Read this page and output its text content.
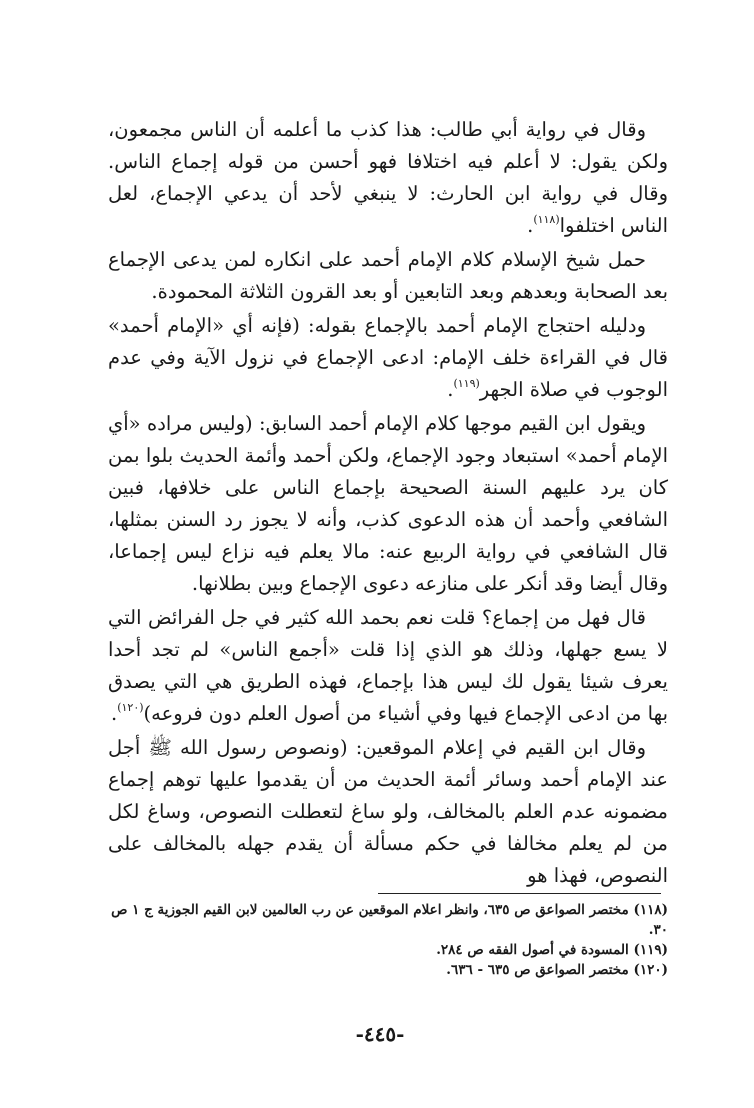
وقال في رواية أبي طالب: هذا كذب ما أعلمه أن الناس مجمعون، ولكن يقول: لا أعلم فيه اختلافا فهو أحسن من قوله إجماع الناس. وقال في رواية ابن الحارث: لا ينبغي لأحد أن يدعي الإجماع، لعل الناس اختلفوا$^{(١١٨)}$.

حمل شيخ الإسلام كلام الإمام أحمد على انكاره لمن يدعى الإجماع بعد الصحابة وبعدهم وبعد التابعين أو بعد القرون الثلاثة المحمودة.

ودليله احتجاج الإمام أحمد بالإجماع بقوله: (فإنه أي «الإمام أحمد» قال في القراءة خلف الإمام: ادعى الإجماع في نزول الآية وفي عدم الوجوب في صلاة الجهر$^{(١١٩)}$.

ويقول ابن القيم موجها كلام الإمام أحمد السابق: (وليس مراده «أي الإمام أحمد» استبعاد وجود الإجماع، ولكن أحمد وأئمة الحديث بلوا بمن كان يرد عليهم السنة الصحيحة بإجماع الناس على خلافها، فبين الشافعي وأحمد أن هذه الدعوى كذب، وأنه لا يجوز رد السنن بمثلها، قال الشافعي في رواية الربيع عنه: مالا يعلم فيه نزاع ليس إجماعا، وقال أيضا وقد أنكر على منازعه دعوى الإجماع وبين بطلانها.

قال فهل من إجماع؟ قلت نعم بحمد الله كثير في جل الفرائض التي لا يسع جهلها، وذلك هو الذي إذا قلت «أجمع الناس» لم تجد أحدا يعرف شيئا يقول لك ليس هذا بإجماع، فهذه الطريق هي التي يصدق بها من ادعى الإجماع فيها وفي أشياء من أصول العلم دون فروعه)$^{(١٢٠)}$.

وقال ابن القيم في إعلام الموقعين: (ونصوص رسول الله ﷺ أجل عند الإمام أحمد وسائر أئمة الحديث من أن يقدموا عليها توهم إجماع مضمونه عدم العلم بالمخالف، ولو ساغ لتعطلت النصوص، وساغ لكل من لم يعلم مخالفا في حكم مسألة أن يقدم جهله بالمخالف على النصوص، فهذا هو

(١١٨) مختصر الصواعق ص ٦٣٥، وانظر اعلام الموقعين عن رب العالمين لابن القيم الجوزية ج ١ ص ٣٠.

(١١٩) المسودة في أصول الفقه ص ٢٨٤.

(١٢٠) مختصر الصواعق ص ٦٣٥ - ٦٣٦.

-٤٤٥-
